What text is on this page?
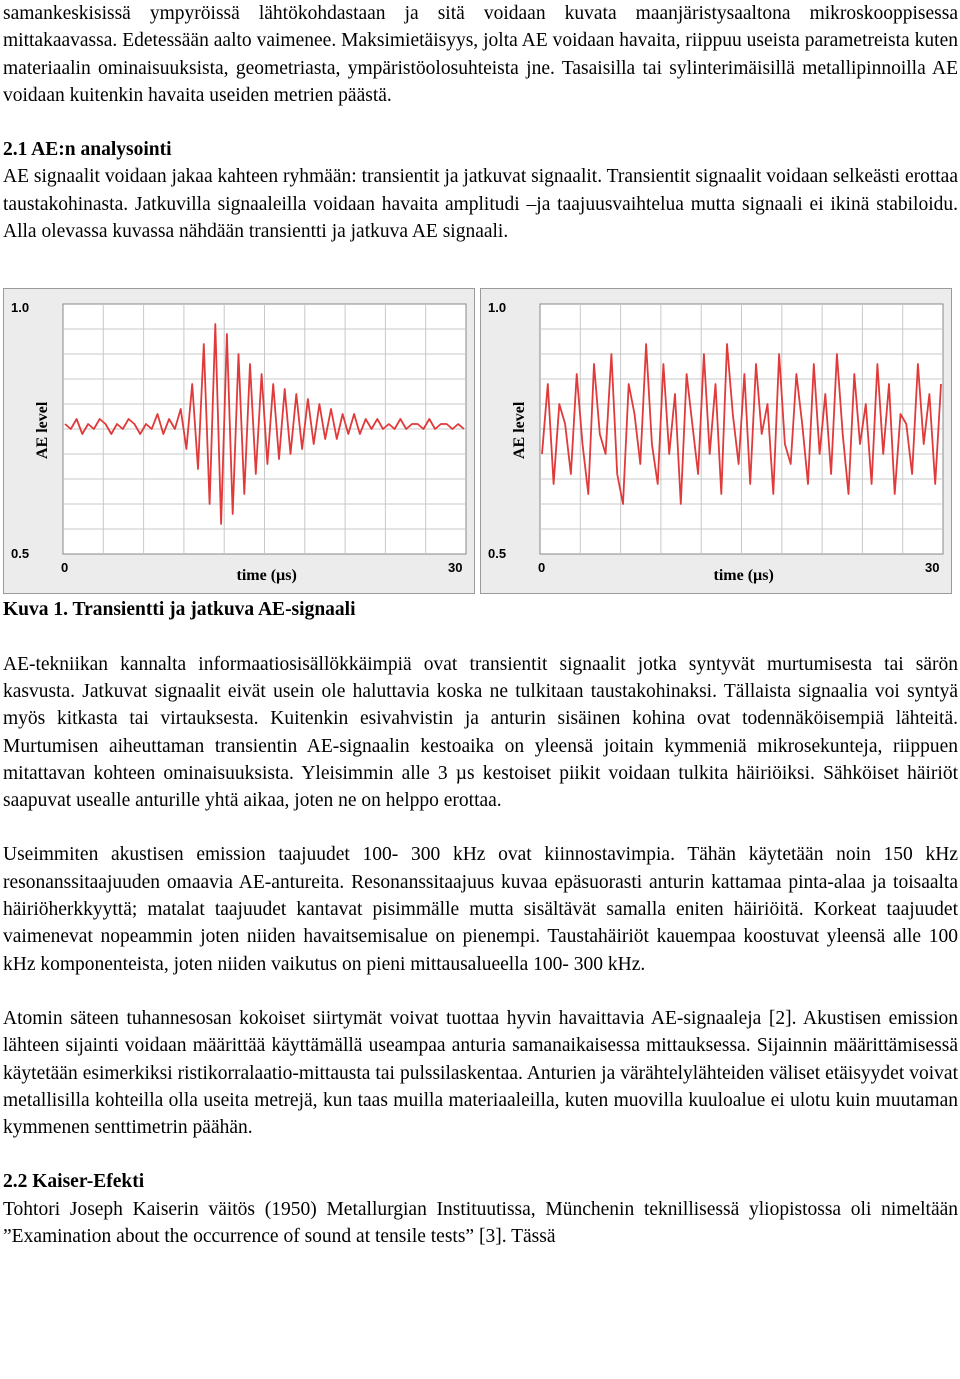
samankeskisissä ympyröissä lähtökohdastaan ja sitä voidaan kuvata maanjäristysaaltona mikroskooppisessa mittakaavassa. Edetessään aalto vaimenee. Maksimietäisyys, jolta AE voidaan havaita, riippuu useista parametreista kuten materiaalin ominaisuuksista, geometriasta, ympäristöolosuhteista jne. Tasaisilla tai sylinterimäisillä metallipinnoilla AE voidaan kuitenkin havaita useiden metrien päästä.

2.1 AE:n analysointi

AE signaalit voidaan jakaa kahteen ryhmään: transientit ja jatkuvat signaalit. Transientit signaalit voidaan selkeästi erottaa taustakohinasta. Jatkuvilla signaaleilla voidaan havaita amplitudi –ja taajuusvaihtelua mutta signaali ei ikinä stabiloidu. Alla olevassa kuvassa nähdään transientti ja jatkuva AE signaali.

1.0
0.5
0	30
time (µs)
AE level
1.0
0.5
0	30
time (µs)
AE level
Kuva 1. Transientti ja jatkuva AE-signaali

AE-tekniikan kannalta informaatiosisällökkäimpiä ovat transientit signaalit jotka syntyvät murtumisesta tai särön kasvusta. Jatkuvat signaalit eivät usein ole haluttavia koska ne tulkitaan taustakohinaksi. Tällaista signaalia voi syntyä myös kitkasta tai virtauksesta. Kuitenkin esivahvistin ja anturin sisäinen kohina ovat todennäköisempiä lähteitä. Murtumisen aiheuttaman transientin AE-signaalin kestoaika on yleensä joitain kymmeniä mikrosekunteja, riippuen mitattavan kohteen ominaisuuksista. Yleisimmin alle 3 µs kestoiset piikit voidaan tulkita häiriöiksi. Sähköiset häiriöt saapuvat usealle anturille yhtä aikaa, joten ne on helppo erottaa.

Useimmiten akustisen emission taajuudet 100- 300 kHz ovat kiinnostavimpia. Tähän käytetään noin 150 kHz resonanssitaajuuden omaavia AE-antureita. Resonanssitaajuus kuvaa epäsuorasti anturin kattamaa pinta-alaa ja toisaalta häiriöherkkyyttä; matalat taajuudet kantavat pisimmälle mutta sisältävät samalla eniten häiriöitä. Korkeat taajuudet vaimenevat nopeammin joten niiden havaitsemisalue on pienempi. Taustahäiriöt kauempaa koostuvat yleensä alle 100 kHz komponenteista, joten niiden vaikutus on pieni mittausalueella 100- 300 kHz.

Atomin säteen tuhannesosan kokoiset siirtymät voivat tuottaa hyvin havaittavia AE-signaaleja [2]. Akustisen emission lähteen sijainti voidaan määrittää käyttämällä useampaa anturia samanaikaisessa mittauksessa. Sijainnin määrittämisessä käytetään esimerkiksi ristikorralaatio-mittausta tai pulssilaskentaa. Anturien ja värähtelylähteiden väliset etäisyydet voivat metallisilla kohteilla olla useita metrejä, kun taas muilla materiaaleilla, kuten muovilla kuuloalue ei ulotu kuin muutaman kymmenen senttimetrin päähän.

2.2 Kaiser-Efekti

Tohtori Joseph Kaiserin väitös (1950) Metallurgian Instituutissa, Münchenin teknillisessä yliopistossa oli nimeltään ”Examination about the occurrence of sound at tensile tests” [3]. Tässä
